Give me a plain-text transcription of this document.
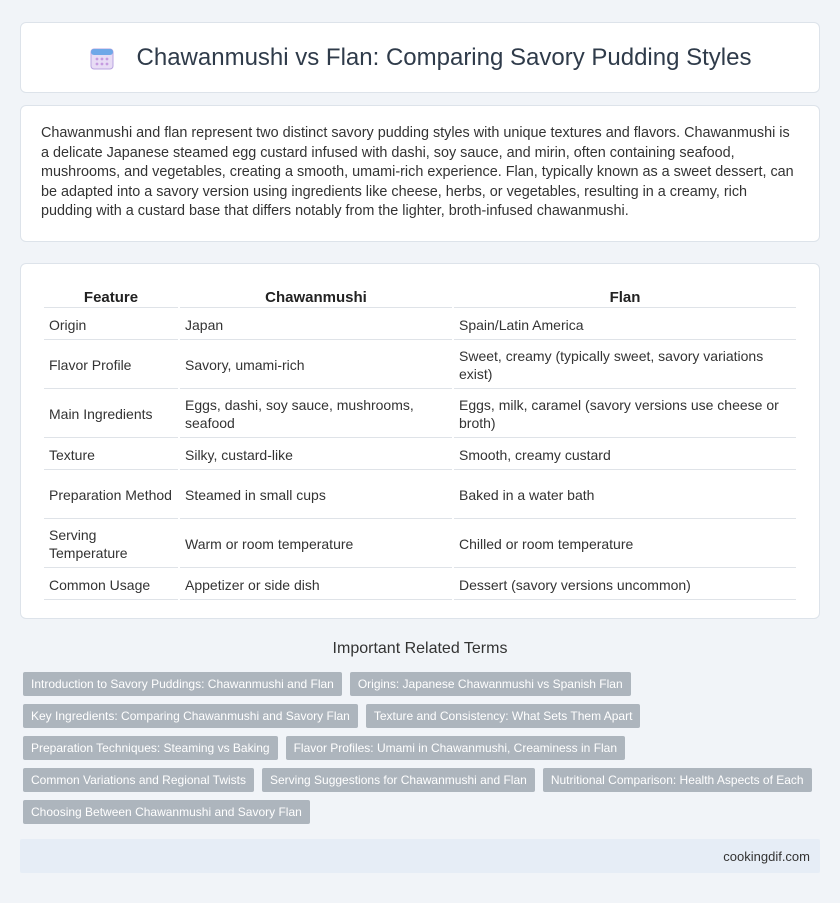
Chawanmushi vs Flan: Comparing Savory Pudding Styles

Chawanmushi and flan represent two distinct savory pudding styles with unique textures and flavors. Chawanmushi is a delicate Japanese steamed egg custard infused with dashi, soy sauce, and mirin, often containing seafood, mushrooms, and vegetables, creating a smooth, umami-rich experience. Flan, typically known as a sweet dessert, can be adapted into a savory version using ingredients like cheese, herbs, or vegetables, resulting in a creamy, rich pudding with a custard base that differs notably from the lighter, broth-infused chawanmushi.

Feature	Chawanmushi	Flan
Origin	Japan	Spain/Latin America
Flavor Profile	Savory, umami-rich	Sweet, creamy (typically sweet, savory variations exist)
Main Ingredients	Eggs, dashi, soy sauce, mushrooms, seafood	Eggs, milk, caramel (savory versions use cheese or broth)
Texture	Silky, custard-like	Smooth, creamy custard
Preparation Method	Steamed in small cups	Baked in a water bath
Serving Temperature	Warm or room temperature	Chilled or room temperature
Common Usage	Appetizer or side dish	Dessert (savory versions uncommon)
Important Related Terms
Introduction to Savory Puddings: Chawanmushi and Flan	Origins: Japanese Chawanmushi vs Spanish Flan
Key Ingredients: Comparing Chawanmushi and Savory Flan	Texture and Consistency: What Sets Them Apart
Preparation Techniques: Steaming vs Baking	Flavor Profiles: Umami in Chawanmushi, Creaminess in Flan
Common Variations and Regional Twists	Serving Suggestions for Chawanmushi and Flan	Nutritional Comparison: Health Aspects of Each
Choosing Between Chawanmushi and Savory Flan
cookingdif.com
